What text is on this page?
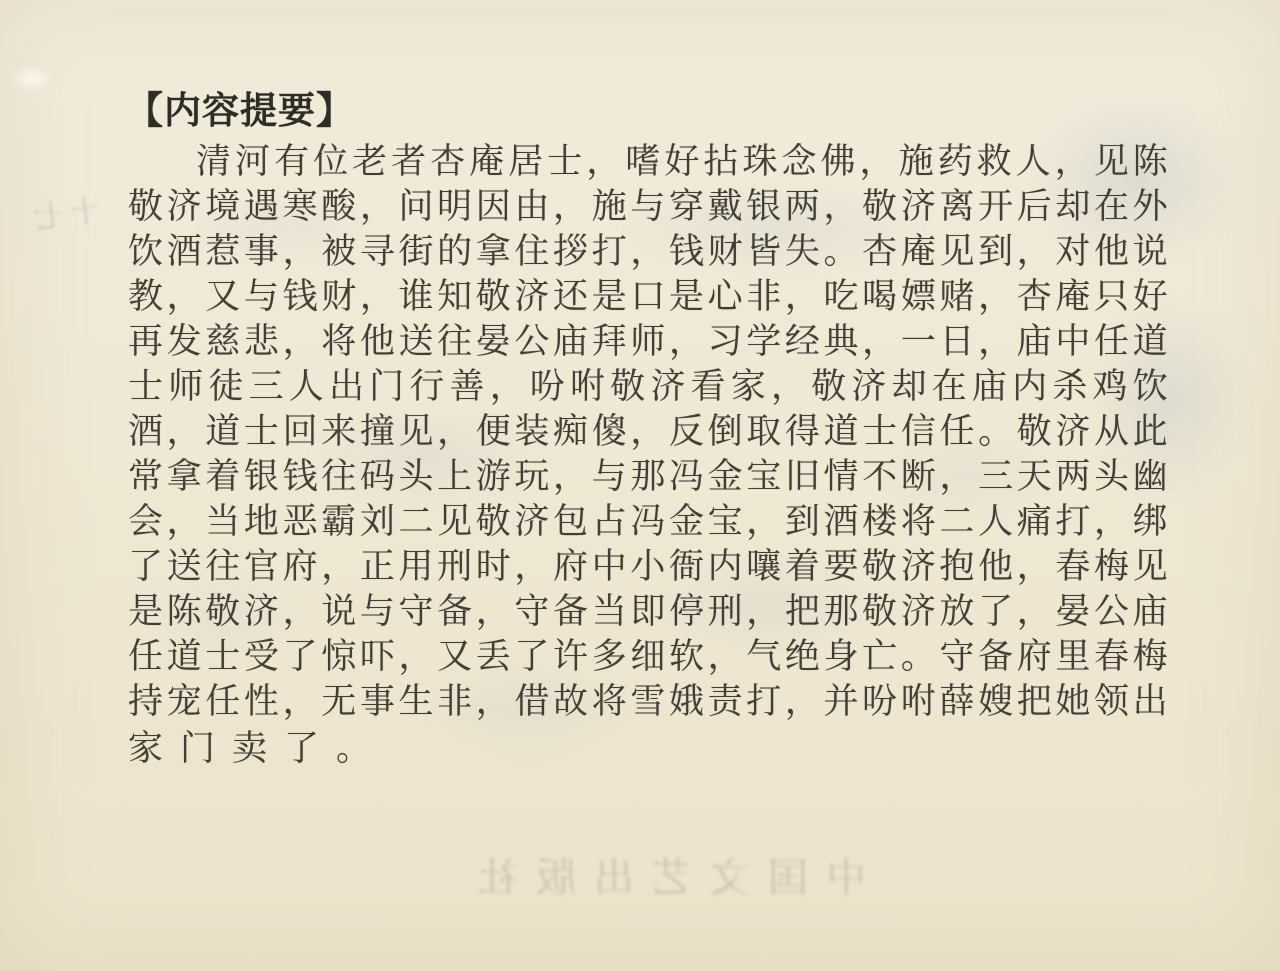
【内容提要】
清 河 有 位 老 者 杏 庵 居 士 ， 嗜 好 拈 珠 念 佛 ， 施 药 救 人 ， 见 陈
敬 济 境 遇 寒 酸 ， 问 明 因 由 ， 施 与 穿 戴 银 两 ， 敬 济 离 开 后 却 在 外
饮 酒 惹 事 ， 被 寻 街 的 拿 住 拶 打 ， 钱 财 皆 失 。 杏 庵 见 到 ， 对 他 说
教 ， 又 与 钱 财 ， 谁 知 敬 济 还 是 口 是 心 非 ， 吃 喝 嫖 赌 ， 杏 庵 只 好
再 发 慈 悲 ， 将 他 送 往 晏 公 庙 拜 师 ， 习 学 经 典 ， 一 日 ， 庙 中 任 道
士 师 徒 三 人 出 门 行 善 ， 吩 咐 敬 济 看 家 ， 敬 济 却 在 庙 内 杀 鸡 饮
酒 ， 道 士 回 来 撞 见 ， 便 装 痴 傻 ， 反 倒 取 得 道 士 信 任 。 敬 济 从 此
常 拿 着 银 钱 往 码 头 上 游 玩 ， 与 那 冯 金 宝 旧 情 不 断 ， 三 天 两 头 幽
会 ， 当 地 恶 霸 刘 二 见 敬 济 包 占 冯 金 宝 ， 到 酒 楼 将 二 人 痛 打 ， 绑
了 送 往 官 府 ， 正 用 刑 时 ， 府 中 小 衙 内 嚷 着 要 敬 济 抱 他 ， 春 梅 见
是 陈 敬 济 ， 说 与 守 备 ， 守 备 当 即 停 刑 ， 把 那 敬 济 放 了 ， 晏 公 庙
任 道 士 受 了 惊 吓 ， 又 丢 了 许 多 细 软 ， 气 绝 身 亡 。 守 备 府 里 春 梅
持 宠 任 性 ， 无 事 生 非 ， 借 故 将 雪 娥 责 打 ， 并 吩 咐 薛 嫂 把 她 领 出
家门卖了。
中国文艺出版社
十七
